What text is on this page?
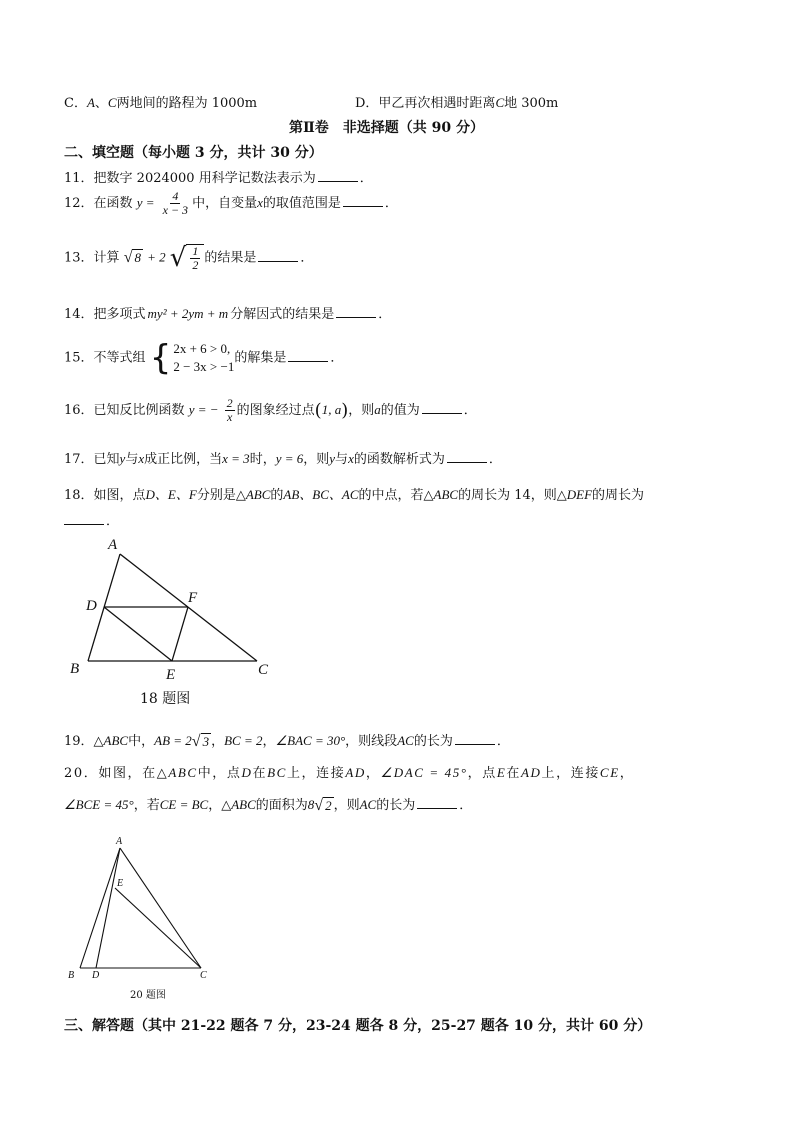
C．A、C两地间的路程为 1000m	D．甲乙再次相遇时距离C地 300m
第Ⅱ卷　非选择题（共 90 分）
二、填空题（每小题 3 分，共计 30 分）
11．把数字 2024000 用科学记数法表示为	．
12．在函数 $y = \frac{4}{x - 3}$ 中，自变量x的取值范围是	．
13．计算 √ 8 + 2 √ $\frac{1}{2}$ 的结果是	．
14．把多项式 my² + 2ym + m 分解因式的结果是	．
15．不等式组 { 2x + 6 > 0,
2 − 3x > −1
的解集是	．
16．已知反比例函数 y = − $\frac{2}{x}$ 的图象经过点(1, a)，则a的值为	．
17．已知y与x成正比例，当x = 3时，y = 6，则y与x的函数解析式为	．
18．如图，点D、E、F分别是△ABC的AB、BC、AC的中点，若△ABC的周长为 14，则△DEF的周长为
．
A
D	F
B	E	C
18 题图
19．△ABC中，AB = 2 √ 3 ，BC = 2，∠BAC = 30°，则线段AC的长为	．
20．如图，在△ABC中，点D在BC上，连接AD，∠DAC = 45°，点E在AD上，连接CE，
∠BCE = 45°，若CE = BC，△ABC的面积为8 √ 2 ，则AC的长为	．
A
E
B D	C
20 题图
三、解答题（其中 21-22 题各 7 分，23-24 题各 8 分，25-27 题各 10 分，共计 60 分）
